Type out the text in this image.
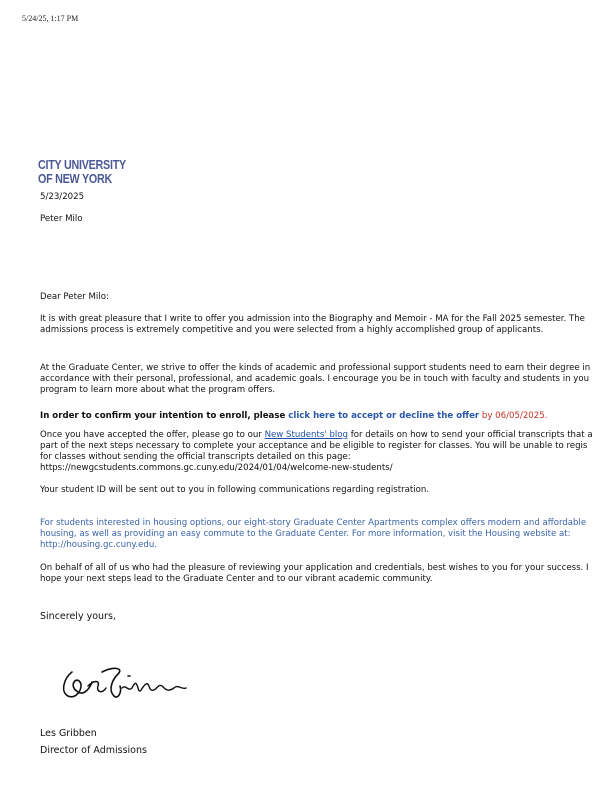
5/24/25, 1:17 PM
CITY UNIVERSITY
OF NEW YORK
5/23/2025
Peter Milo
Dear Peter Milo:
It is with great pleasure that I write to offer you admission into the Biography and Memoir - MA for the Fall 2025 semester. The
admissions process is extremely competitive and you were selected from a highly accomplished group of applicants.
At the Graduate Center, we strive to offer the kinds of academic and professional support students need to earn their degree in
accordance with their personal, professional, and academic goals. I encourage you be in touch with faculty and students in you
program to learn more about what the program offers.
In order to confirm your intention to enroll, please click here to accept or decline the offer by 06/05/2025.
Once you have accepted the offer, please go to our New Students' blog for details on how to send your official transcripts that a
part of the next steps necessary to complete your acceptance and be eligible to register for classes. You will be unable to regis
for classes without sending the official transcripts detailed on this page:
https://newgcstudents.commons.gc.cuny.edu/2024/01/04/welcome-new-students/
Your student ID will be sent out to you in following communications regarding registration.
For students interested in housing options, our eight-story Graduate Center Apartments complex offers modern and affordable
housing, as well as providing an easy commute to the Graduate Center. For more information, visit the Housing website at:
http://housing.gc.cuny.edu.
On behalf of all of us who had the pleasure of reviewing your application and credentials, best wishes to you for your success. I
hope your next steps lead to the Graduate Center and to our vibrant academic community.
Sincerely yours,
Les Gribben
Director of Admissions
